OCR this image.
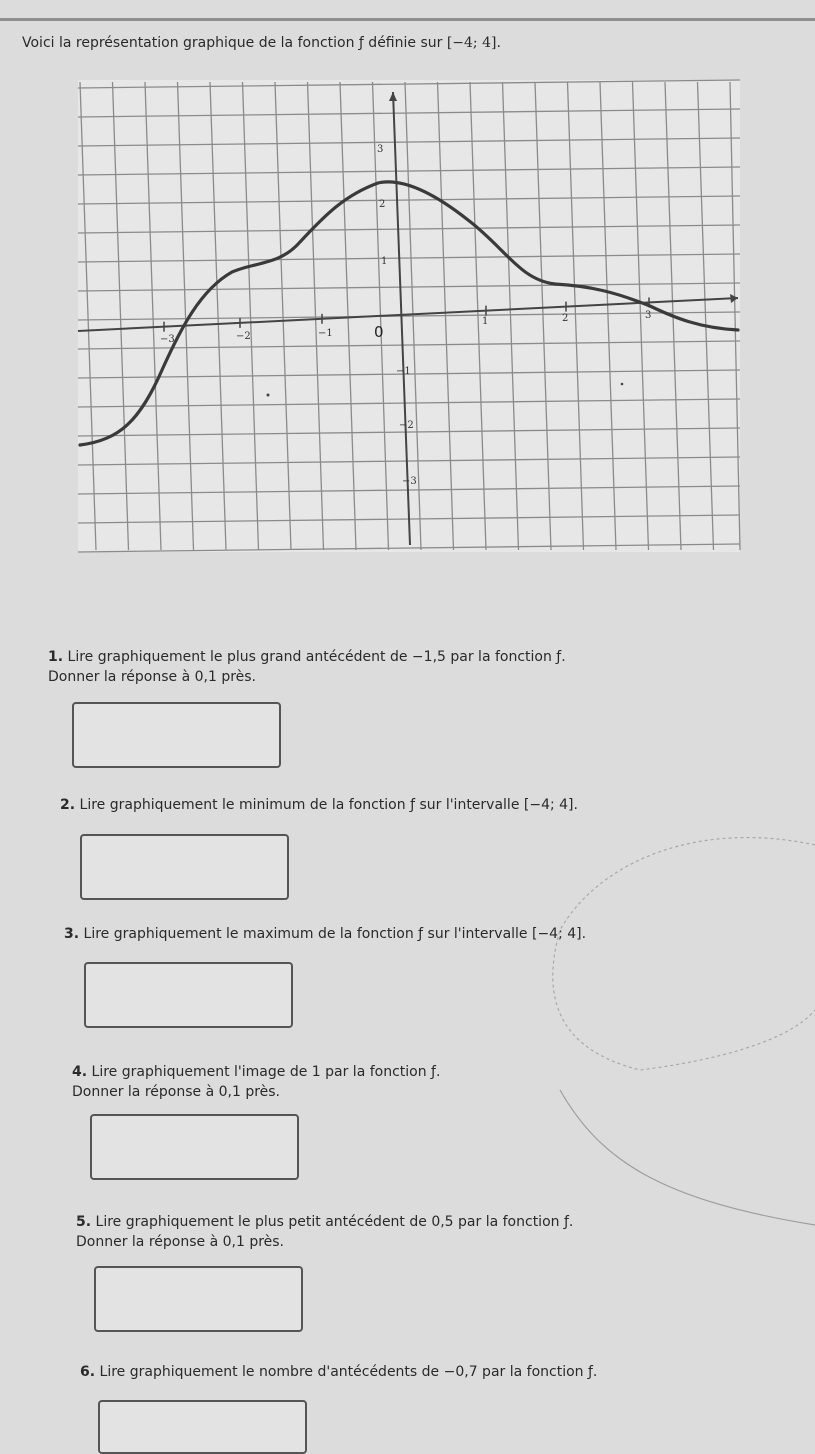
Voici la représentation graphique de la fonction ƒ définie sur [−4; 4].
0
3
2
1
−1
−2
−3
−3	−2	−1
1	2	3
1. Lire graphiquement le plus grand antécédent de −1,5 par la fonction ƒ.
Donner la réponse à 0,1 près.
2. Lire graphiquement le minimum de la fonction ƒ sur l'intervalle [−4; 4].
3. Lire graphiquement le maximum de la fonction ƒ sur l'intervalle [−4; 4].
4. Lire graphiquement l'image de 1 par la fonction ƒ.
Donner la réponse à 0,1 près.
5. Lire graphiquement le plus petit antécédent de 0,5 par la fonction ƒ.
Donner la réponse à 0,1 près.
6. Lire graphiquement le nombre d'antécédents de −0,7 par la fonction ƒ.
